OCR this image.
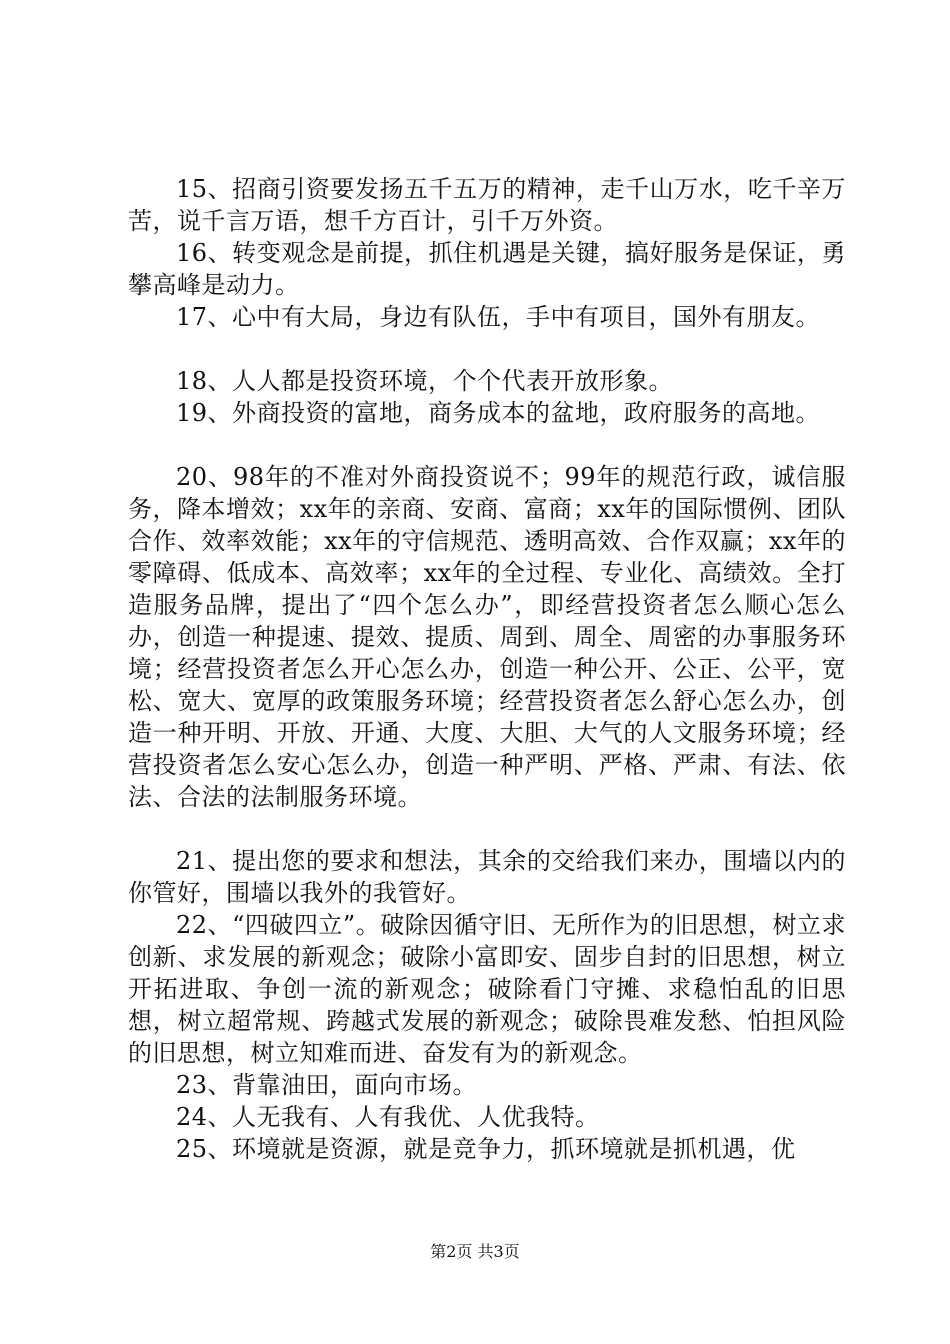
15、招商引资要发扬五千五万的精神，走千山万水，吃千辛万苦，说千言万语，想千方百计，引千万外资。

16、转变观念是前提，抓住机遇是关键，搞好服务是保证，勇攀高峰是动力。

17、心中有大局，身边有队伍，手中有项目，国外有朋友。

18、人人都是投资环境，个个代表开放形象。

19、外商投资的富地，商务成本的盆地，政府服务的高地。

20、98年的不准对外商投资说不；99年的规范行政，诚信服务，降本增效；xx年的亲商、安商、富商；xx年的国际惯例、团队合作、效率效能；xx年的守信规范、透明高效、合作双赢；xx年的零障碍、低成本、高效率；xx年的全过程、专业化、高绩效。全打造服务品牌，提出了“四个怎么办”，即经营投资者怎么顺心怎么办，创造一种提速、提效、提质、周到、周全、周密的办事服务环境；经营投资者怎么开心怎么办，创造一种公开、公正、公平，宽松、宽大、宽厚的政策服务环境；经营投资者怎么舒心怎么办，创造一种开明、开放、开通、大度、大胆、大气的人文服务环境；经营投资者怎么安心怎么办，创造一种严明、严格、严肃、有法、依法、合法的法制服务环境。

21、提出您的要求和想法，其余的交给我们来办，围墙以内的你管好，围墙以我外的我管好。

22、“四破四立”。破除因循守旧、无所作为的旧思想，树立求创新、求发展的新观念；破除小富即安、固步自封的旧思想，树立开拓进取、争创一流的新观念；破除看门守摊、求稳怕乱的旧思想，树立超常规、跨越式发展的新观念；破除畏难发愁、怕担风险的旧思想，树立知难而进、奋发有为的新观念。

23、背靠油田，面向市场。

24、人无我有、人有我优、人优我特。

25、环境就是资源，就是竞争力，抓环境就是抓机遇，优

第2页 共3页
